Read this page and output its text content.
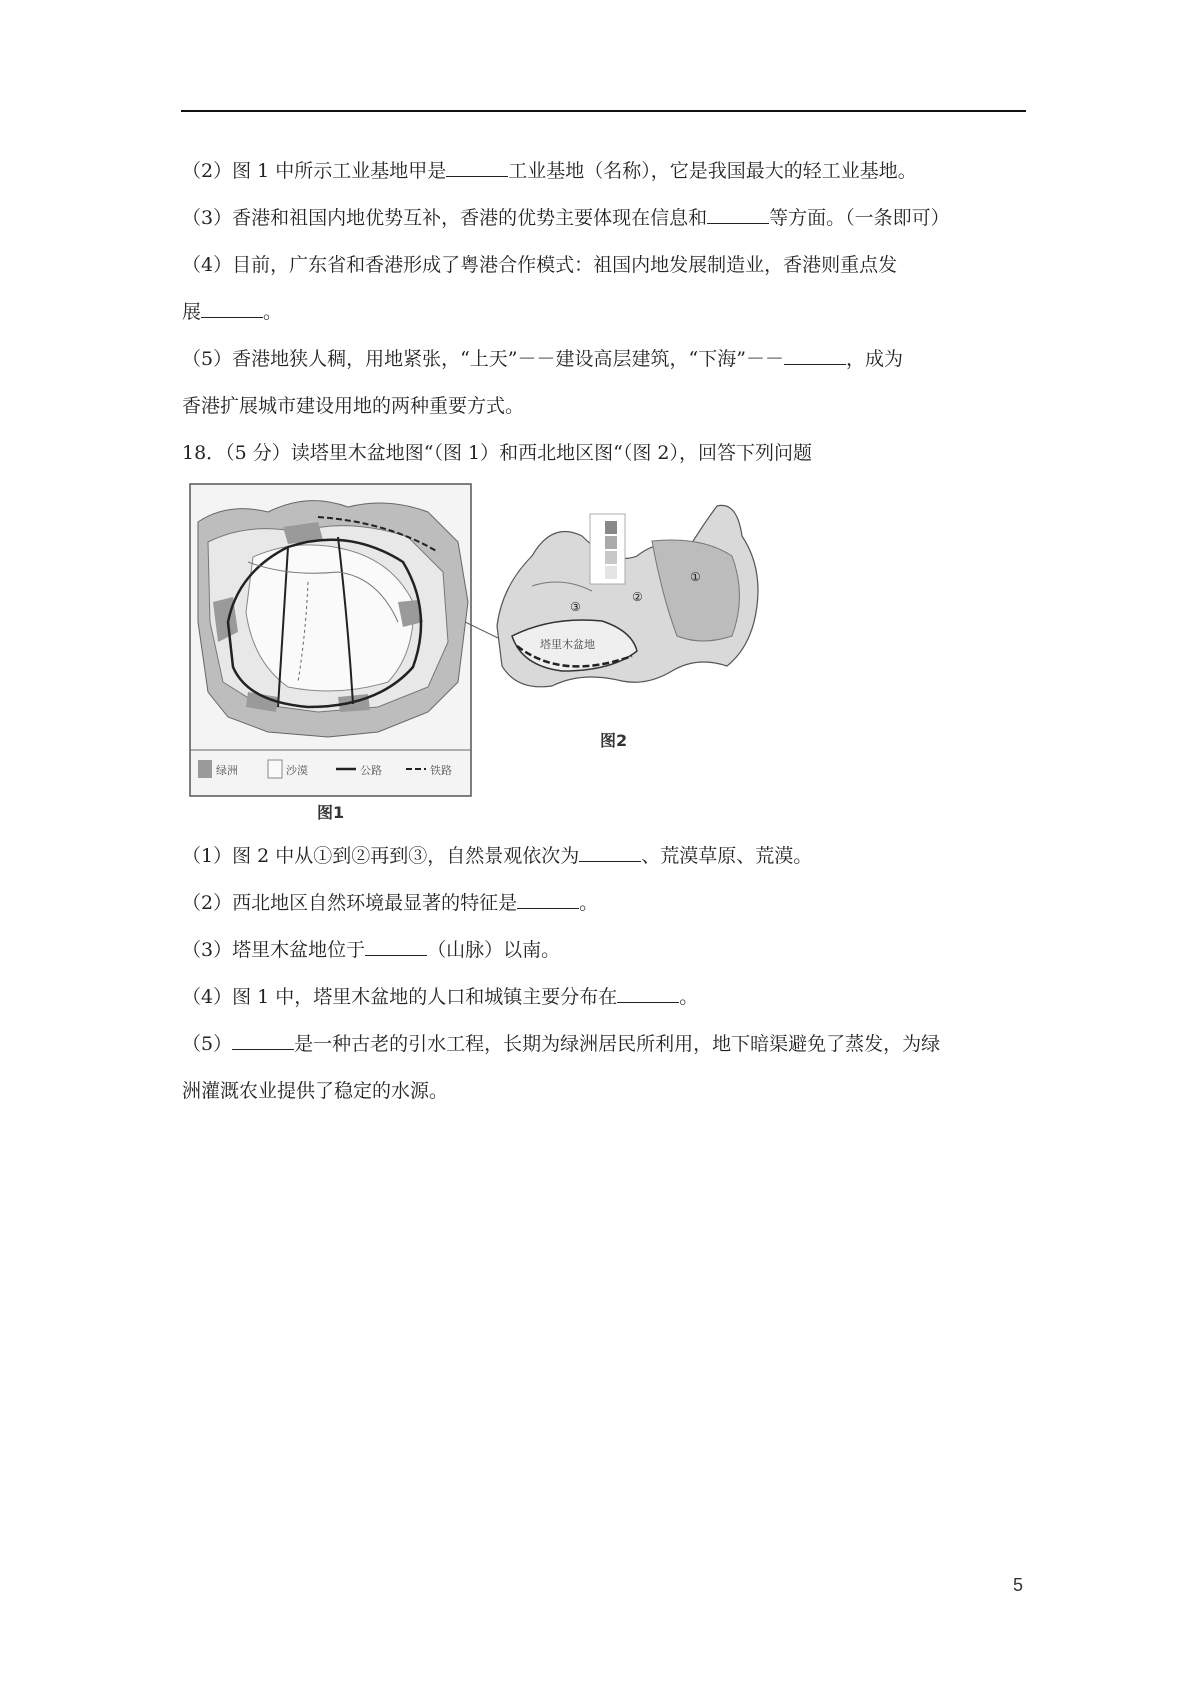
（2）图 1 中所示工业基地甲是	工业基地（名称），它是我国最大的轻工业基地。
（3）香港和祖国内地优势互补，香港的优势主要体现在信息和	等方面。（一条即可）
（4）目前，广东省和香港形成了粤港合作模式：祖国内地发展制造业，香港则重点发
展	。
（5）香港地狭人稠，用地紧张，“上天”－－建设高层建筑，“下海”－－	，成为
香港扩展城市建设用地的两种重要方式。
18．（5 分）读塔里木盆地图“（图 1）和西北地区图“（图 2），回答下列问题
绿洲	沙漠	公路	铁路
图1
塔里木盆地
①
②
③
图2
（1）图 2 中从①到②再到③，自然景观依次为	、荒漠草原、荒漠。
（2）西北地区自然环境最显著的特征是	。
（3）塔里木盆地位于	（山脉）以南。
（4）图 1 中，塔里木盆地的人口和城镇主要分布在	。
（5）	是一种古老的引水工程，长期为绿洲居民所利用，地下暗渠避免了蒸发，为绿
洲灌溉农业提供了稳定的水源。
5
